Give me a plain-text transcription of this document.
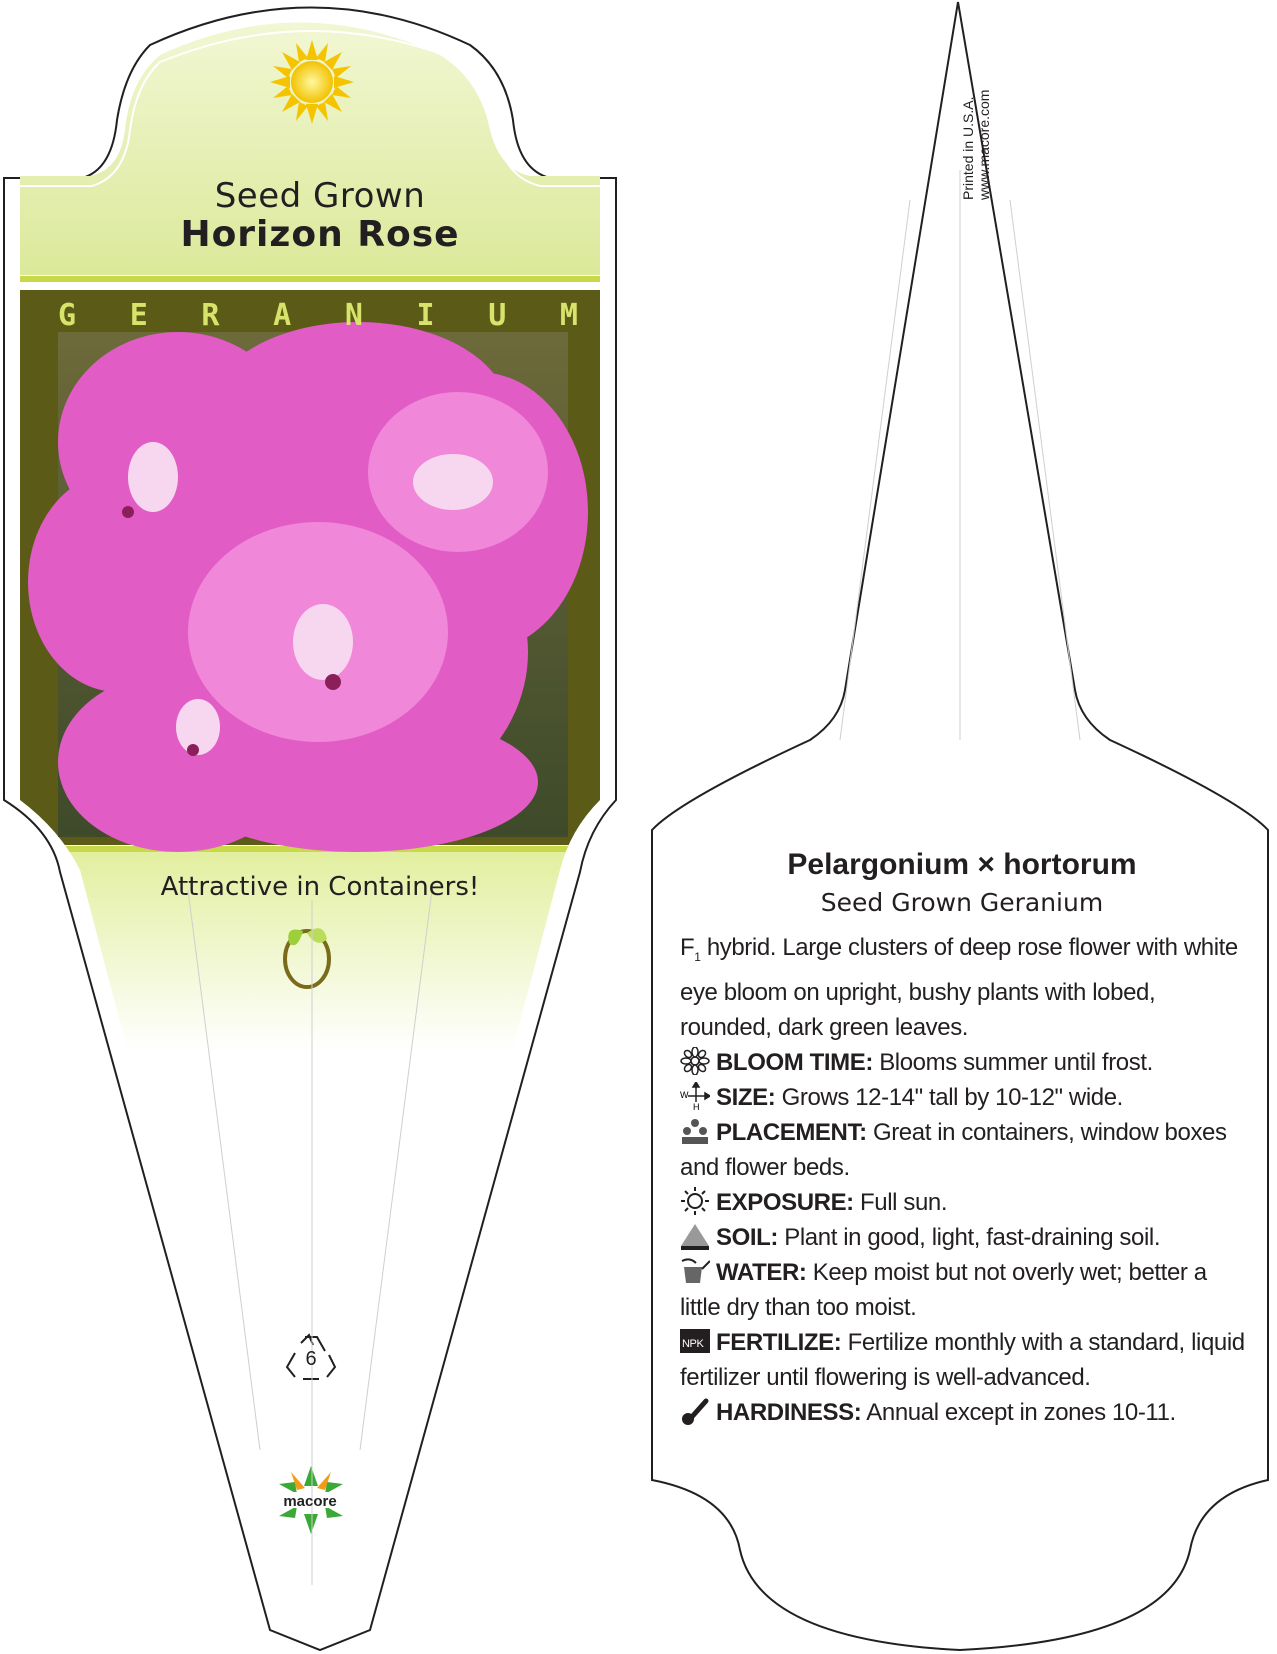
Seed Grown
Horizon Rose
G E R A N I U M
Attractive in Containers!
6
macore
Printed in U.S.A. www.macore.com
Pelargonium × hortorum
Seed Grown Geranium

$F_1$ hybrid. Large clusters of deep rose flower with white eye bloom on upright, bushy plants with lobed, rounded, dark green leaves.

BLOOM TIME: Blooms summer until frost.

W
H SIZE: Grows 12-14" tall by 10-12" wide.

PLACEMENT: Great in containers, window boxes and flower beds.

EXPOSURE: Full sun.

SOIL: Plant in good, light, fast-draining soil.

WATER: Keep moist but not overly wet; better a little dry than too moist.

NPK FERTILIZE: Fertilize monthly with a standard, liquid fertilizer until flowering is well-advanced.

HARDINESS: Annual except in zones 10-11.
